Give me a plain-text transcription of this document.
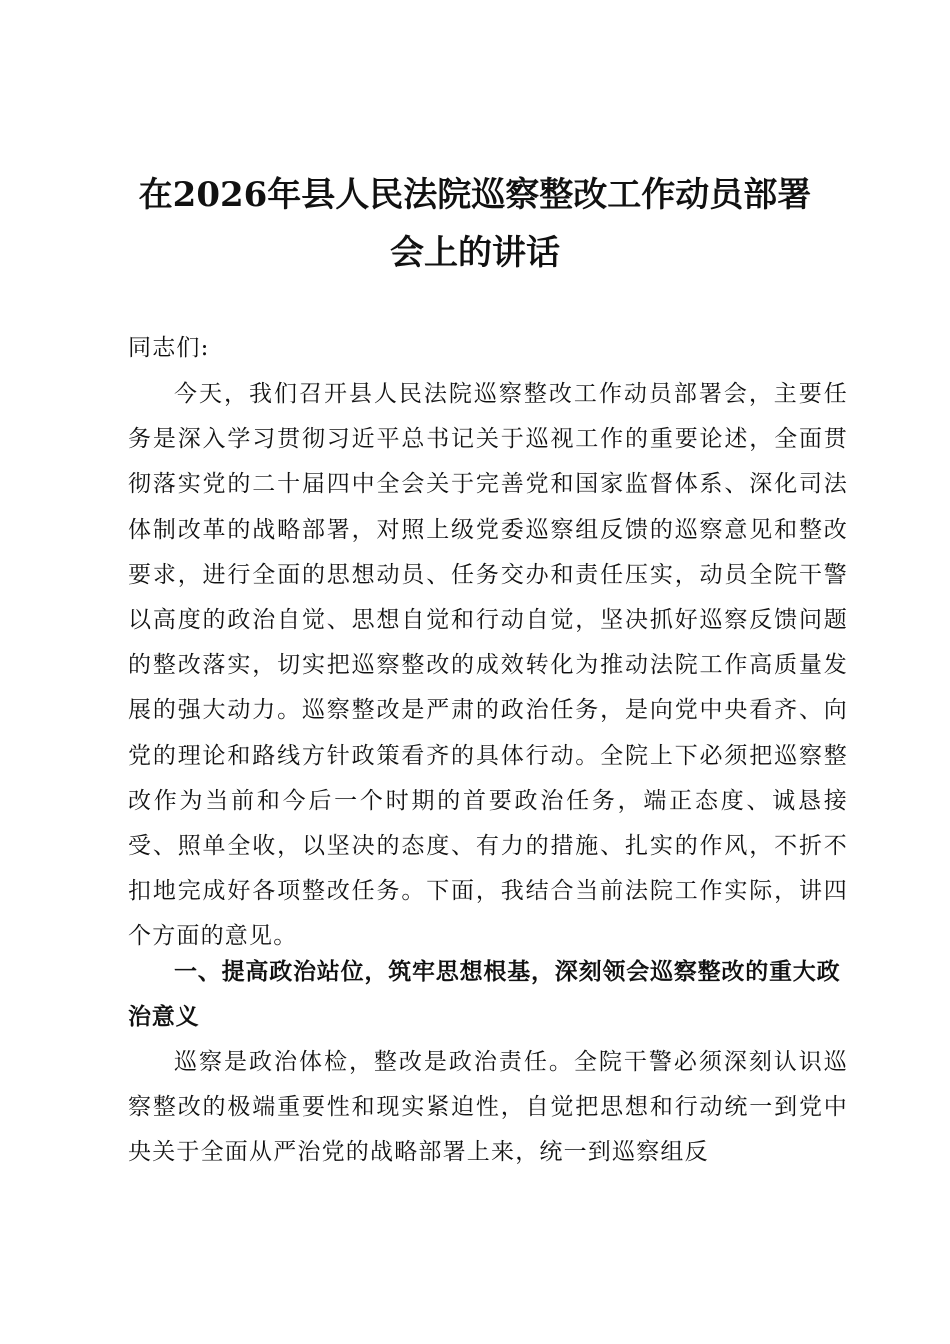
在2026年县人民法院巡察整改工作动员部署
会上的讲话

同志们:

今天，我们召开县人民法院巡察整改工作动员部署会，主要任务是深入学习贯彻习近平总书记关于巡视工作的重要论述，全面贯彻落实党的二十届四中全会关于完善党和国家监督体系、深化司法体制改革的战略部署，对照上级党委巡察组反馈的巡察意见和整改要求，进行全面的思想动员、任务交办和责任压实，动员全院干警以高度的政治自觉、思想自觉和行动自觉，坚决抓好巡察反馈问题的整改落实，切实把巡察整改的成效转化为推动法院工作高质量发展的强大动力。巡察整改是严肃的政治任务，是向党中央看齐、向党的理论和路线方针政策看齐的具体行动。全院上下必须把巡察整改作为当前和今后一个时期的首要政治任务，端正态度、诚恳接受、照单全收，以坚决的态度、有力的措施、扎实的作风，不折不扣地完成好各项整改任务。下面，我结合当前法院工作实际，讲四个方面的意见。

一、提高政治站位，筑牢思想根基，深刻领会巡察整改的重大政治意义

巡察是政治体检，整改是政治责任。全院干警必须深刻认识巡察整改的极端重要性和现实紧迫性，自觉把思想和行动统一到党中央关于全面从严治党的战略部署上来，统一到巡察组反
